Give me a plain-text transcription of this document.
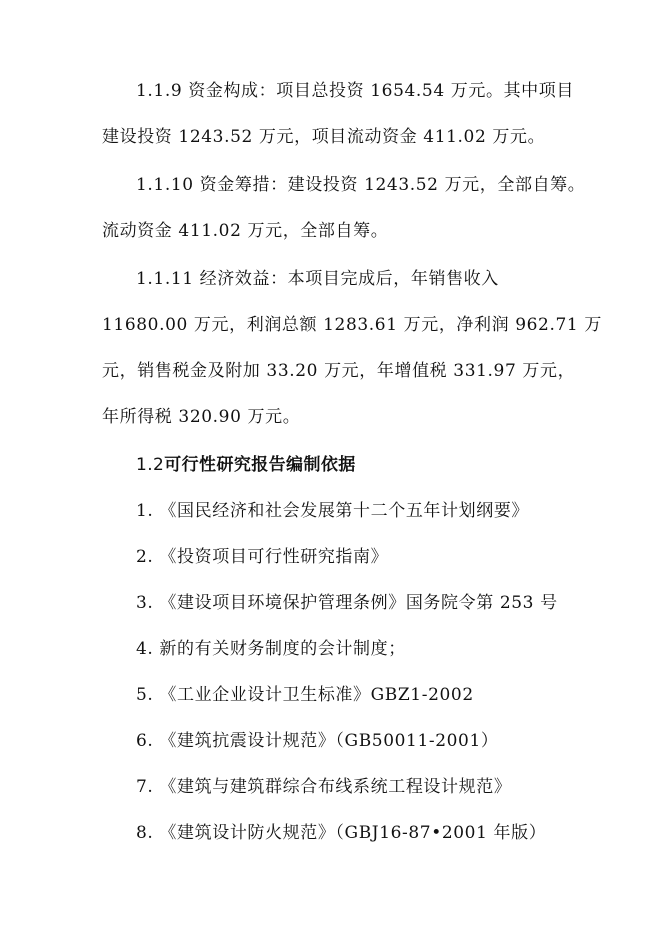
1.1.9 资金构成：项目总投资 1654.54 万元。其中项目
建设投资 1243.52 万元，项目流动资金 411.02 万元。
1.1.10 资金筹措：建设投资 1243.52 万元，全部自筹。
流动资金 411.02 万元，全部自筹。
1.1.11 经济效益：本项目完成后，年销售收入
11680.00 万元，利润总额 1283.61 万元，净利润 962.71 万
元，销售税金及附加 33.20 万元，年增值税 331.97 万元，
年所得税 320.90 万元。
1.2可行性研究报告编制依据
1. 《国民经济和社会发展第十二个五年计划纲要》
2. 《投资项目可行性研究指南》
3. 《建设项目环境保护管理条例》国务院令第 253 号
4. 新的有关财务制度的会计制度；
5. 《工业企业设计卫生标准》GBZ1-2002
6. 《建筑抗震设计规范》（GB50011-2001）
7. 《建筑与建筑群综合布线系统工程设计规范》
8. 《建筑设计防火规范》（GBJ16-87•2001 年版）
